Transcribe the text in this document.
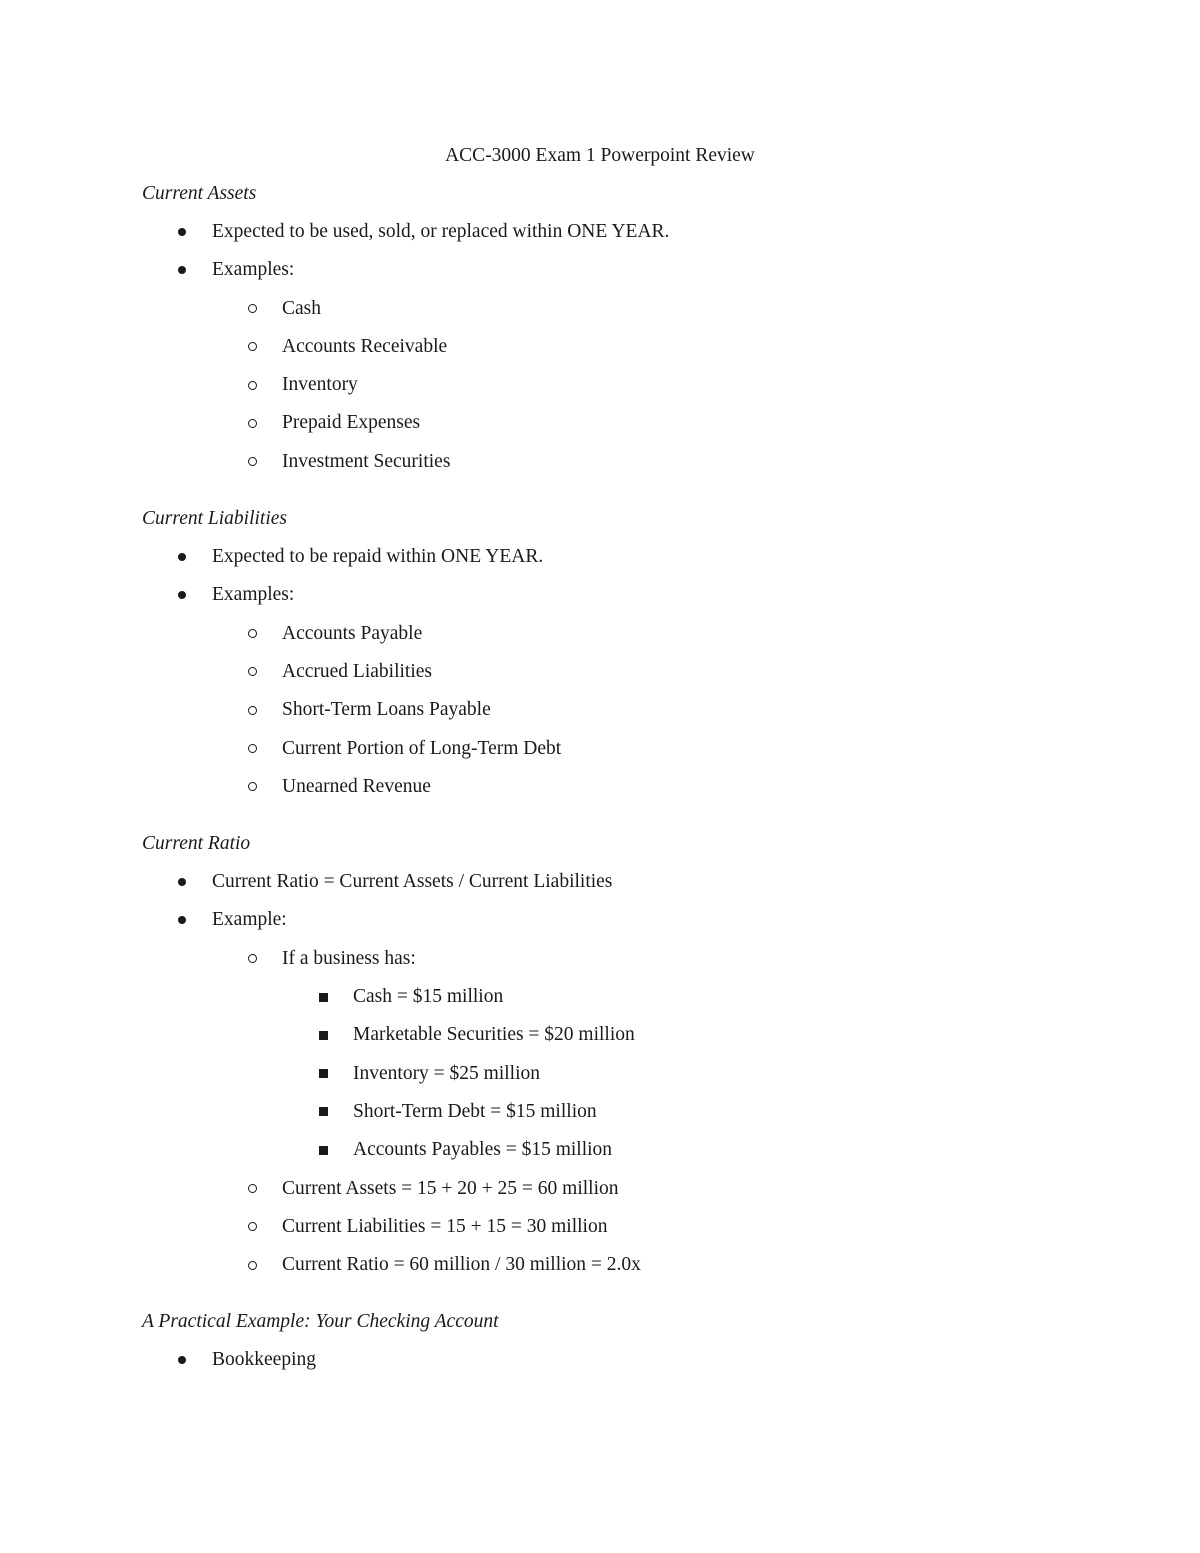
ACC-3000 Exam 1 Powerpoint Review
Current Assets
Expected to be used, sold, or replaced within ONE YEAR.
Examples:
Cash
Accounts Receivable
Inventory
Prepaid Expenses
Investment Securities
Current Liabilities
Expected to be repaid within ONE YEAR.
Examples:
Accounts Payable
Accrued Liabilities
Short-Term Loans Payable
Current Portion of Long-Term Debt
Unearned Revenue
Current Ratio
Current Ratio = Current Assets / Current Liabilities
Example:
If a business has:
Cash = $15 million
Marketable Securities = $20 million
Inventory = $25 million
Short-Term Debt = $15 million
Accounts Payables = $15 million
Current Assets = 15 + 20 + 25 = 60 million
Current Liabilities = 15 + 15 = 30 million
Current Ratio = 60 million / 30 million = 2.0x
A Practical Example: Your Checking Account
Bookkeeping
